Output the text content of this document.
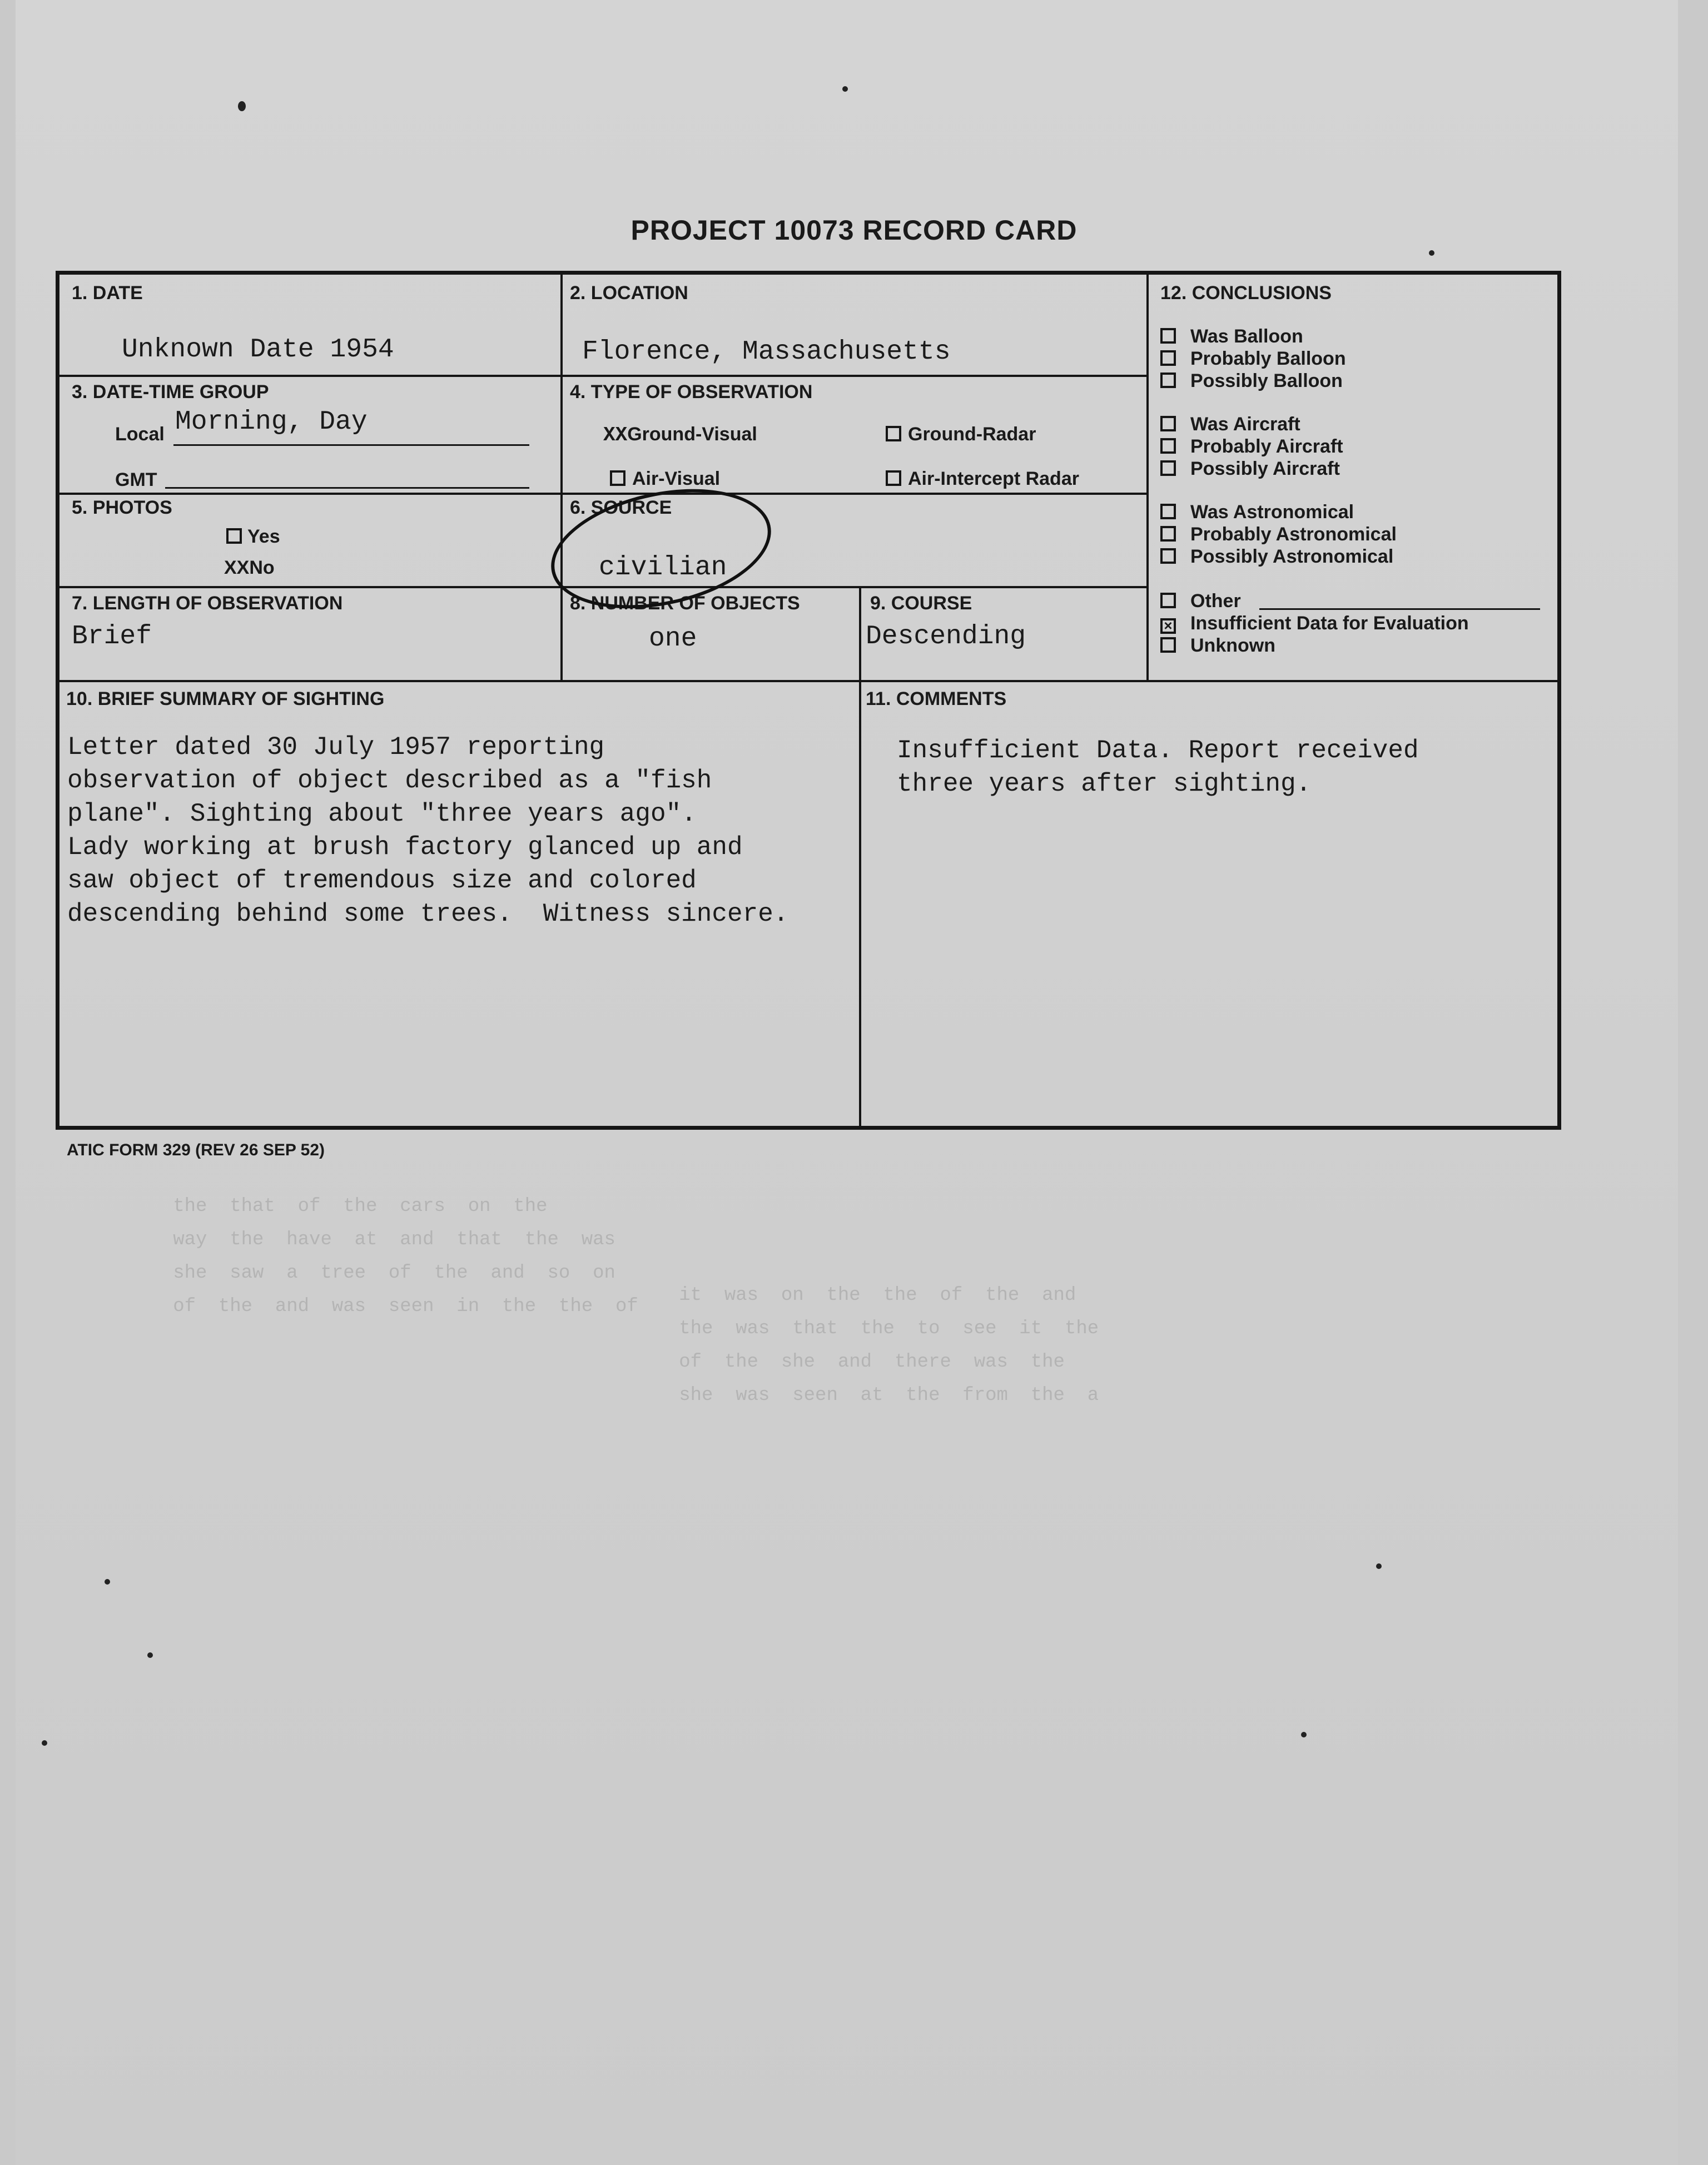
the  that  of  the  cars  on  the
way  the  have  at  and  that  the  was
she  saw  a  tree  of  the  and  so  on
of  the  and  was  seen  in  the  the  of
it  was  on  the  the  of  the  and
the  was  that  the  to  see  it  the
of  the  she  and  there  was  the
she  was  seen  at  the  from  the  a
PROJECT 10073 RECORD CARD
1. DATE
Unknown Date 1954
2. LOCATION
Florence, Massachusetts
3. DATE-TIME GROUP
Local Morning, Day
GMT
4. TYPE OF OBSERVATION
XXGround-Visual	Ground-Radar
Air-Visual	Air-Intercept Radar
5. PHOTOS
Yes
XXNo
6. SOURCE
civilian
7. LENGTH OF OBSERVATION
Brief
8. NUMBER OF OBJECTS
one
9. COURSE
Descending
12. CONCLUSIONS
Was Balloon
Probably Balloon
Possibly Balloon
Was Aircraft
Probably Aircraft
Possibly Aircraft
Was Astronomical
Probably Astronomical
Possibly Astronomical
Other
×Insufficient Data for Evaluation
Unknown
10. BRIEF SUMMARY OF SIGHTING
Letter dated 30 July 1957 reporting
observation of object described as a "fish
plane". Sighting about "three years ago".
Lady working at brush factory glanced up and
saw object of tremendous size and colored
descending behind some trees.  Witness sincere.
11. COMMENTS
Insufficient Data. Report received
three years after sighting.
ATIC FORM 329 (REV 26 SEP 52)
